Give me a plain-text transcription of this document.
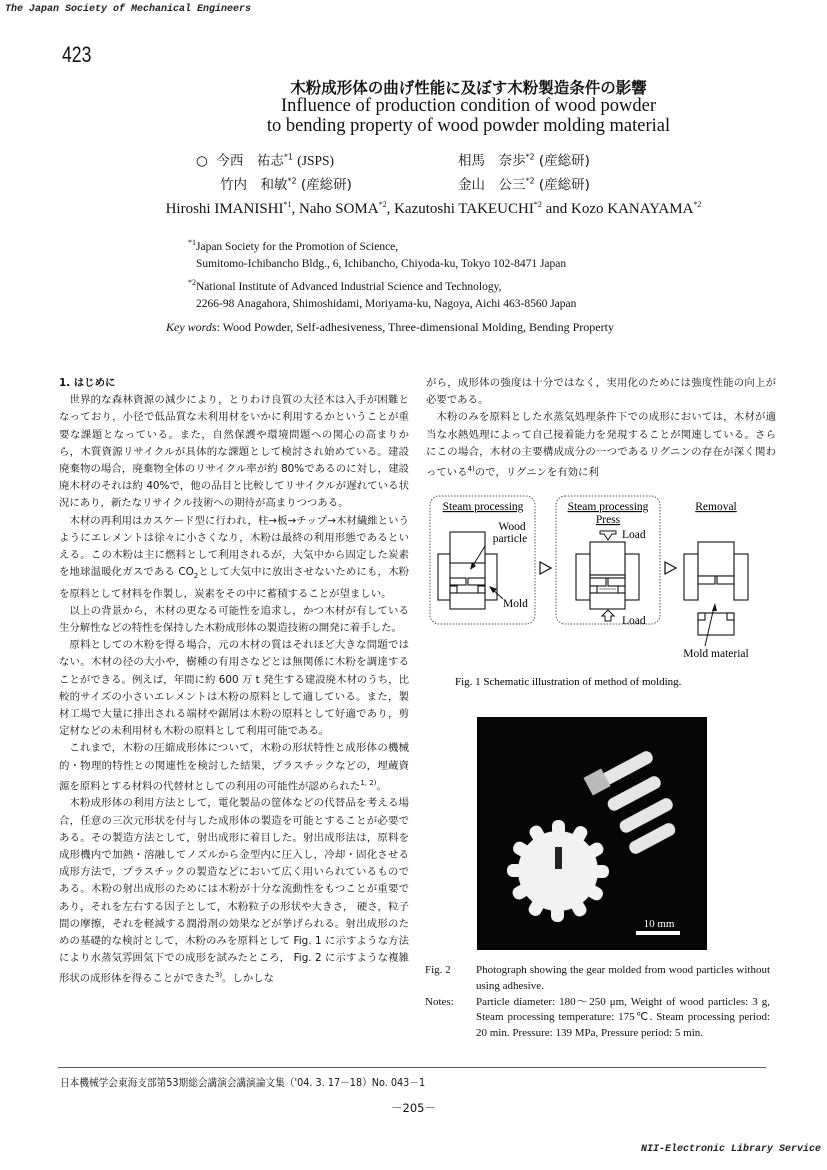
The Japan Society of Mechanical Engineers
423
木粉成形体の曲げ性能に及ぼす木粉製造条件の影響
Influence of production condition of wood powder
to bending property of wood powder molding material
○ 今西　祐志$^{*1}$ (JSPS)	相馬　奈歩$^{*2}$ (産総研)
竹内　和敏$^{*2}$ (産総研)	金山　公三$^{*2}$ (産総研)
Hiroshi IMANISHI$^{*1}$, Naho SOMA$^{*2}$, Kazutoshi TAKEUCHI$^{*2}$ and Kozo KANAYAMA$^{*2}$
$^{*1}$Japan Society for the Promotion of Science,
Sumitomo-Ichibancho Bldg., 6, Ichibancho, Chiyoda-ku, Tokyo 102-8471 Japan
$^{*2}$National Institute of Advanced Industrial Science and Technology,
2266-98 Anagahora, Shimoshidami, Moriyama-ku, Nagoya, Aichi 463-8560 Japan
Key words: Wood Powder, Self-adhesiveness, Three-dimensional Molding, Bending Property

1. はじめに

世界的な森林資源の減少により，とりわけ良質の大径木は入手が困難となっており，小径で低品質な未利用材をいかに利用するかということが重要な課題となっている。また，自然保護や環境問題への関心の高まりから，木質資源リサイクルが具体的な課題として検討され始めている。建設廃棄物の場合，廃棄物全体のリサイクル率が約 80%であるのに対し，建設廃木材のそれは約 40%で，他の品目と比較してリサイクルが遅れている状況にあり，新たなリサイクル技術への期待が高まりつつある。

木材の再利用はカスケード型に行われ，柱→板→チップ→木材繊維というようにエレメントは徐々に小さくなり，木粉は最終の利用形態であるといえる。この木粉は主に燃料として利用されるが，大気中から固定した炭素を地球温暖化ガスである $CO_2$として大気中に放出させないためにも，木粉を原料として材料を作製し，炭素をその中に蓄積することが望ましい。

以上の背景から，木材の更なる可能性を追求し，かつ木材が有している生分解性などの特性を保持した木粉成形体の製造技術の開発に着手した。

原料としての木粉を得る場合，元の木材の質はそれほど大きな問題ではない。木材の径の大小や，樹種の有用さなどとは無関係に木粉を調達することができる。例えば，年間に約 600 万 t 発生する建設廃木材のうち，比較的サイズの小さいエレメントは木粉の原料として適している。また，製材工場で大量に排出される端材や鋸屑は木粉の原料として好適であり，剪定材などの未利用材も木粉の原料として利用可能である。

これまで，木粉の圧縮成形体について，木粉の形状特性と成形体の機械的・物理的特性との関連性を検討した結果，プラスチックなどの，埋蔵資源を原料とする材料の代替材としての利用の可能性が認められた$^{1, 2)}$。

木粉成形体の利用方法として，電化製品の筐体などの代替品を考える場合，任意の三次元形状を付与した成形体の製造を可能とすることが必要である。その製造方法として，射出成形に着目した。射出成形法は，原料を成形機内で加熱・溶融してノズルから金型内に圧入し，冷却・固化させる成形方法で，プラスチックの製造などにおいて広く用いられているものである。木粉の射出成形のためには木粉が十分な流動性をもつことが重要であり，それを左右する因子として，木粉粒子の形状や大きさ， 硬さ，粒子間の摩擦，それを軽減する潤滑剤の効果などが挙げられる。射出成形のための基礎的な検討として，木粉のみを原料として Fig. 1 に示すような方法により水蒸気雰囲気下での成形を試みたところ， Fig. 2 に示すような複雑形状の成形体を得ることができた$^{3)}$。しかしな

がら，成形体の強度は十分ではなく，実用化のためには強度性能の向上が必要である。

木粉のみを原料とした水蒸気処理条件下での成形においては，木材が適当な水熱処理によって自己接着能力を発現することが関連している。さらにこの場合，木材の主要構成成分の一つであるリグニンの存在が深く関わっている$^{4)}$ので，リグニンを有効に利

Steam processing
Wood
particle
Mold
Steam processing
Press
Load
Load
Removal
Mold material
Fig. 1 Schematic illustration of method of molding.
10 mm
Fig. 2	Photograph showing the gear molded from wood particles without using adhesive.
Notes:	Particle diameter: 180～250 μm, Weight of wood particles: 3 g, Steam processing temperature: 175℃. Steam processing period: 20 min. Pressure: 139 MPa, Pressure period: 5 min.
日本機械学会東海支部第53期総会講演会講演論文集（'04. 3. 17－18）No. 043－1
－205－
NII-Electronic Library Service
